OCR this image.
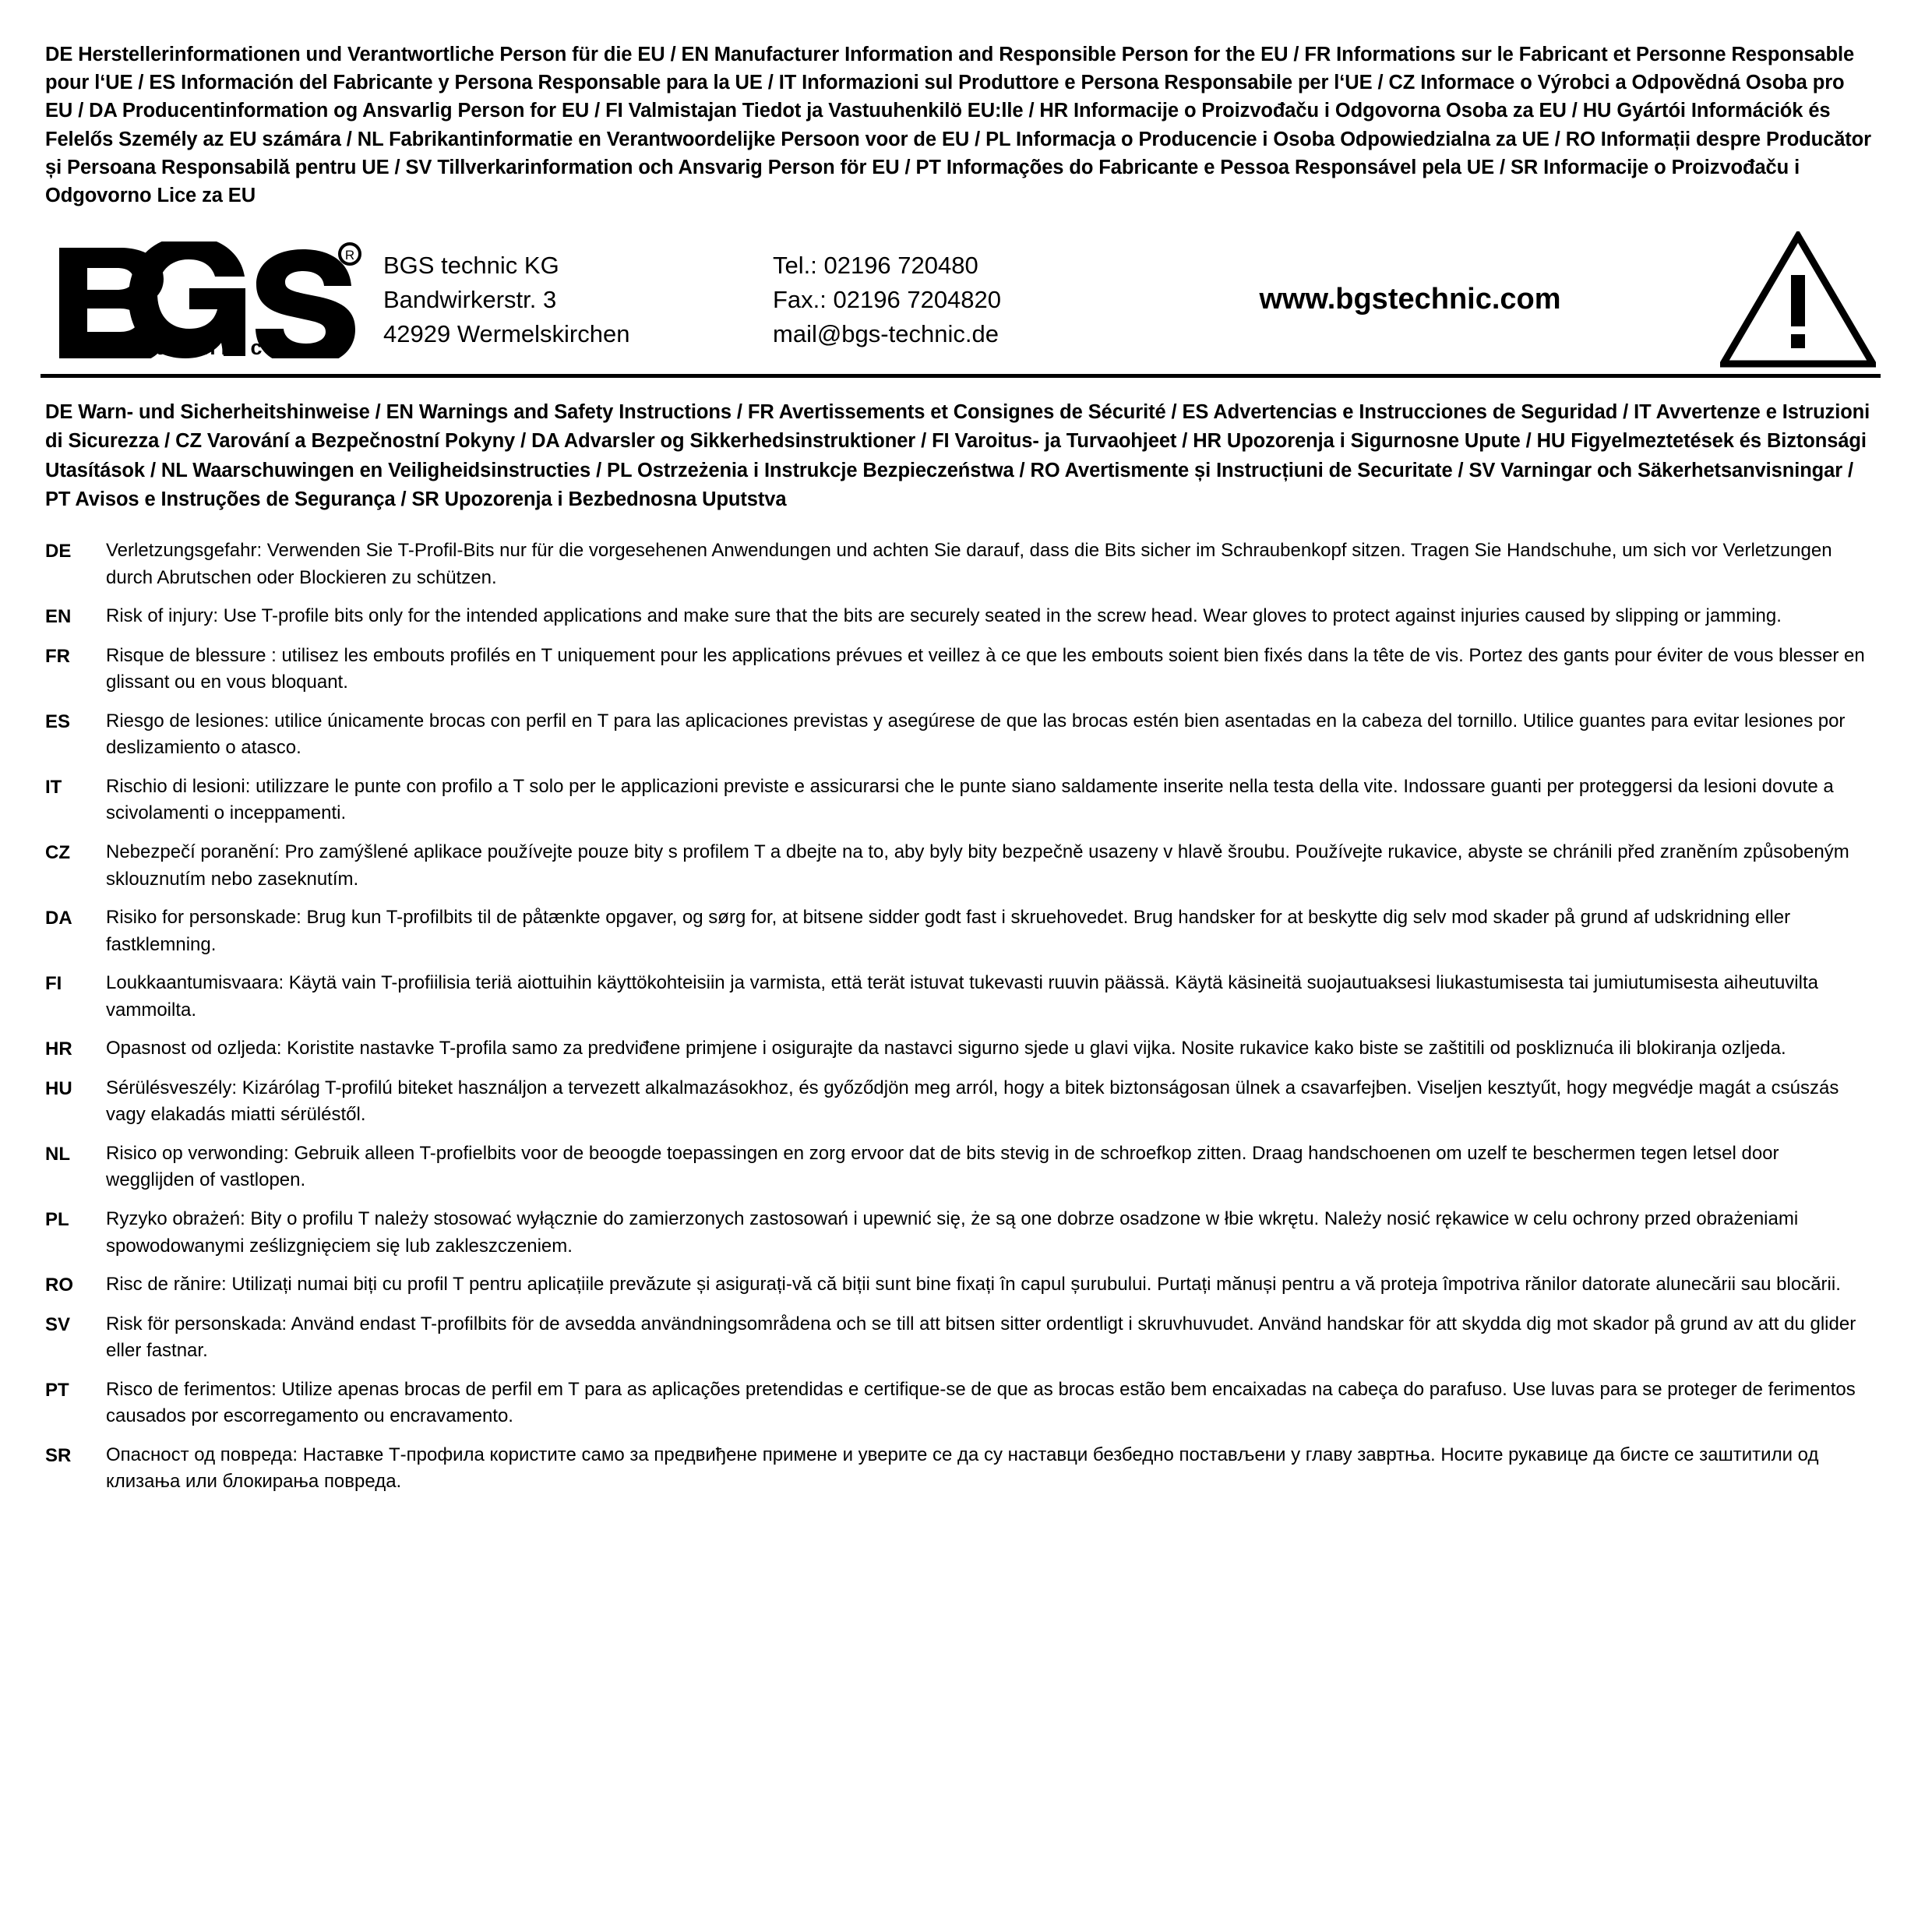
DE Herstellerinformationen und Verantwortliche Person für die EU / EN Manufacturer Information and Responsible Person for the EU / FR Informations sur le Fabricant et Personne Responsable pour l‘UE / ES Información del Fabricante y Persona Responsable para la UE / IT Informazioni sul Produttore e Persona Responsabile per l‘UE / CZ Informace o Výrobci a Odpovědná Osoba pro EU / DA Producentinformation og Ansvarlig Person for EU / FI Valmistajan Tiedot ja Vastuuhenkilö EU:lle / HR Informacije o Proizvođaču i Odgovorna Osoba za EU / HU Gyártói Információk és Felelős Személy az EU számára / NL Fabrikantinformatie en Verantwoordelijke Persoon voor de EU / PL Informacja o Producencie i Osoba Odpowiedzialna za UE / RO Informații despre Producător și Persoana Responsabilă pentru UE / SV Tillverkarinformation och Ansvarig Person för EU / PT Informações do Fabricante e Pessoa Responsável pela UE / SR Informacije o Proizvođaču i Odgovorno Lice za EU
R
technic
BGS technic KG
Bandwirkerstr. 3
42929 Wermelskirchen
Tel.: 02196 720480
Fax.: 02196 7204820
mail@bgs-technic.de
www.bgstechnic.com
DE Warn- und Sicherheitshinweise / EN Warnings and Safety Instructions / FR Avertissements et Consignes de Sécurité / ES Advertencias e Instrucciones de Seguridad / IT Avvertenze e Istruzioni di Sicurezza / CZ Varování a Bezpečnostní Pokyny / DA Advarsler og Sikkerhedsinstruktioner / FI Varoitus- ja Turvaohjeet / HR Upozorenja i Sigurnosne Upute / HU Figyelmeztetések és Biztonsági Utasítások / NL Waarschuwingen en Veiligheidsinstructies / PL Ostrzeżenia i Instrukcje Bezpieczeństwa / RO Avertismente și Instrucțiuni de Securitate / SV Varningar och Säkerhetsanvisningar / PT Avisos e Instruções de Segurança / SR Upozorenja i Bezbednosna Uputstva
DE	Verletzungsgefahr: Verwenden Sie T-Profil-Bits nur für die vorgesehenen Anwendungen und achten Sie darauf, dass die Bits sicher im Schraubenkopf sitzen. Tragen Sie Handschuhe, um sich vor Verletzungen durch Abrutschen oder Blockieren zu schützen.
EN	Risk of injury: Use T-profile bits only for the intended applications and make sure that the bits are securely seated in the screw head. Wear gloves to protect against injuries caused by slipping or jamming.
FR	Risque de blessure : utilisez les embouts profilés en T uniquement pour les applications prévues et veillez à ce que les embouts soient bien fixés dans la tête de vis. Portez des gants pour éviter de vous blesser en glissant ou en vous bloquant.
ES	Riesgo de lesiones: utilice únicamente brocas con perfil en T para las aplicaciones previstas y asegúrese de que las brocas estén bien asentadas en la cabeza del tornillo. Utilice guantes para evitar lesiones por deslizamiento o atasco.
IT	Rischio di lesioni: utilizzare le punte con profilo a T solo per le applicazioni previste e assicurarsi che le punte siano saldamente inserite nella testa della vite. Indossare guanti per proteggersi da lesioni dovute a scivolamenti o inceppamenti.
CZ	Nebezpečí poranění: Pro zamýšlené aplikace používejte pouze bity s profilem T a dbejte na to, aby byly bity bezpečně usazeny v hlavě šroubu. Používejte rukavice, abyste se chránili před zraněním způsobeným sklouznutím nebo zaseknutím.
DA	Risiko for personskade: Brug kun T-profilbits til de påtænkte opgaver, og sørg for, at bitsene sidder godt fast i skruehovedet. Brug handsker for at beskytte dig selv mod skader på grund af udskridning eller fastklemning.
FI	Loukkaantumisvaara: Käytä vain T-profiilisia teriä aiottuihin käyttökohteisiin ja varmista, että terät istuvat tukevasti ruuvin päässä. Käytä käsineitä suojautuaksesi liukastumisesta tai jumiutumisesta aiheutuvilta vammoilta.
HR	Opasnost od ozljeda: Koristite nastavke T-profila samo za predviđene primjene i osigurajte da nastavci sigurno sjede u glavi vijka. Nosite rukavice kako biste se zaštitili od posklizn​uća ili blokiranja ozljeda.
HU	Sérülésveszély: Kizárólag T-profilú biteket használjon a tervezett alkalmazásokhoz, és győződjön meg arról, hogy a bitek biztonságosan ülnek a csavarfejben. Viseljen kesztyűt, hogy megvédje magát a csúszás vagy elakadás miatti sérüléstől.
NL	Risico op verwonding: Gebruik alleen T-profielbits voor de beoogde toepassingen en zorg ervoor dat de bits stevig in de schroefkop zitten. Draag handschoenen om uzelf te beschermen tegen letsel door wegglijden of vastlopen.
PL	Ryzyko obrażeń: Bity o profilu T należy stosować wyłącznie do zamierzonych zastosowań i upewnić się, że są one dobrze osadzone w łbie wkrętu. Należy nosić rękawice w celu ochrony przed obrażeniami spowodowanymi ześlizgnięciem się lub zakleszczeniem.
RO	Risc de rănire: Utilizați numai biți cu profil T pentru aplicațiile prevăzute și asigurați-vă că biții sunt bine fixați în capul șurubului. Purtați mănuși pentru a vă proteja împotriva rănilor datorate alunecării sau blocării.
SV	Risk för personskada: Använd endast T-profilbits för de avsedda användningsområdena och se till att bitsen sitter ordentligt i skruvhuvudet. Använd handskar för att skydda dig mot skador på grund av att du glider eller fastnar.
PT	Risco de ferimentos: Utilize apenas brocas de perfil em T para as aplicações pretendidas e certifique-se de que as brocas estão bem encaixadas na cabeça do parafuso. Use luvas para se proteger de ferimentos causados por escorregamento ou encravamento.
SR	Опасност од повреда: Наставке Т-профила користите само за предвиђене примене и уверите се да су наставци безбедно постављени у главу завртња. Носите рукавице да бисте се заштитили од клизања или блокирања повреда.
